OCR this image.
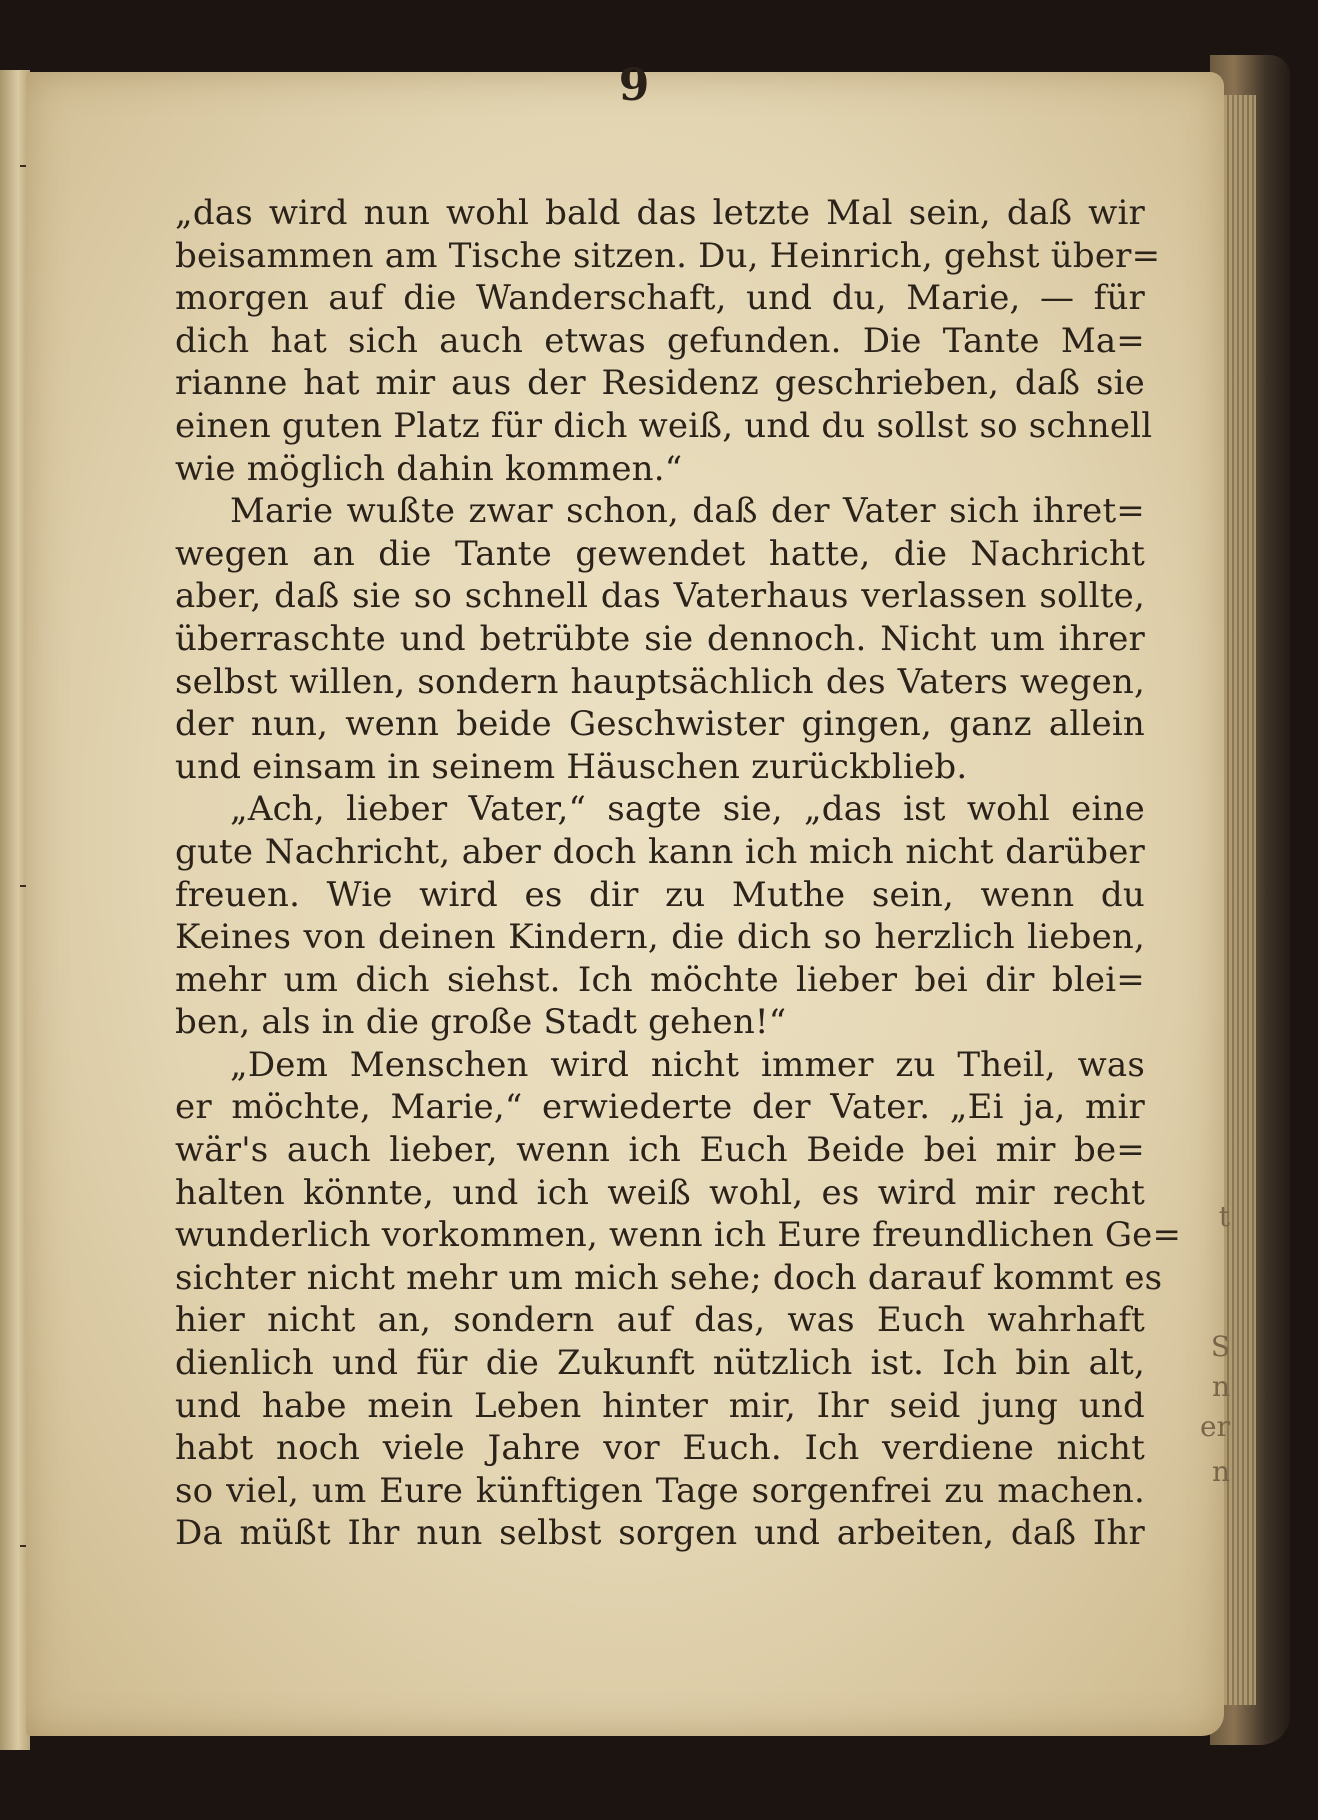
9
„das wird nun wohl bald das letzte Mal sein, daß wir
beisammen am Tische sitzen. Du, Heinrich, gehst über=
morgen auf die Wanderschaft, und du, Marie, — für
dich hat sich auch etwas gefunden. Die Tante Ma=
rianne hat mir aus der Residenz geschrieben, daß sie
einen guten Platz für dich weiß, und du sollst so schnell
wie möglich dahin kommen.“
Marie wußte zwar schon, daß der Vater sich ihret=
wegen an die Tante gewendet hatte, die Nachricht
aber, daß sie so schnell das Vaterhaus verlassen sollte,
überraschte und betrübte sie dennoch. Nicht um ihrer
selbst willen, sondern hauptsächlich des Vaters wegen,
der nun, wenn beide Geschwister gingen, ganz allein
und einsam in seinem Häuschen zurückblieb.
„Ach, lieber Vater,“ sagte sie, „das ist wohl eine
gute Nachricht, aber doch kann ich mich nicht darüber
freuen. Wie wird es dir zu Muthe sein, wenn du
Keines von deinen Kindern, die dich so herzlich lieben,
mehr um dich siehst. Ich möchte lieber bei dir blei=
ben, als in die große Stadt gehen!“
„Dem Menschen wird nicht immer zu Theil, was
er möchte, Marie,“ erwiederte der Vater. „Ei ja, mir
wär's auch lieber, wenn ich Euch Beide bei mir be=
halten könnte, und ich weiß wohl, es wird mir recht
wunderlich vorkommen, wenn ich Eure freundlichen Ge=
sichter nicht mehr um mich sehe; doch darauf kommt es
hier nicht an, sondern auf das, was Euch wahrhaft
dienlich und für die Zukunft nützlich ist. Ich bin alt,
und habe mein Leben hinter mir, Ihr seid jung und
habt noch viele Jahre vor Euch. Ich verdiene nicht
so viel, um Eure künftigen Tage sorgenfrei zu machen.
Da müßt Ihr nun selbst sorgen und arbeiten, daß Ihr
t
S
n
er
n
